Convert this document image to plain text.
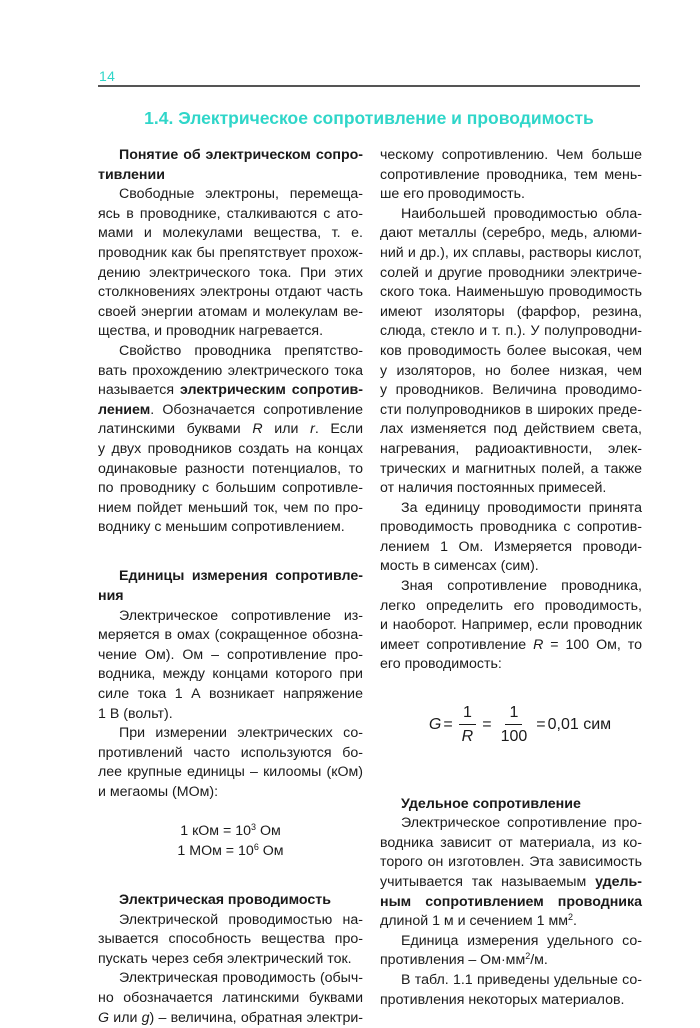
14
1.4. Электрическое сопротивление и проводимость
Понятие об электрическом сопро-
тивлении
Свободные электроны, перемеща-
ясь в проводнике, сталкиваются с ато-
мами и молекулами вещества, т. е.
проводник как бы препятствует прохож-
дению электрического тока. При этих
столкновениях электроны отдают часть
своей энергии атомам и молекулам ве-
щества, и проводник нагревается.
Свойство проводника препятство-
вать прохождению электрического тока
называется электрическим сопротив-
лением. Обозначается сопротивление
латинскими буквами R или r. Если
у двух проводников создать на концах
одинаковые разности потенциалов, то
по проводнику с большим сопротивле-
нием пойдет меньший ток, чем по про-
воднику с меньшим сопротивлением.
Единицы измерения сопротивле-
ния
Электрическое сопротивление из-
меряется в омах (сокращенное обозна-
чение Ом). Ом – сопротивление про-
водника, между концами которого при
силе тока 1 А возникает напряжение
1 В (вольт).
При измерении электрических со-
противлений часто используются бо-
лее крупные единицы – килоомы (кОм)
и мегаомы (МОм):
1 кОм = $10^3$ Ом
1 МОм = $10^6$ Ом
Электрическая проводимость
Электрической проводимостью на-
зывается способность вещества про-
пускать через себя электрический ток.
Электрическая проводимость (обыч-
но обозначается латинскими буквами
G или g) – величина, обратная электри-
ческому сопротивлению. Чем больше
сопротивление проводника, тем мень-
ше его проводимость.
Наибольшей проводимостью обла-
дают металлы (серебро, медь, алюми-
ний и др.), их сплавы, растворы кислот,
солей и другие проводники электриче-
ского тока. Наименьшую проводимость
имеют изоляторы (фарфор, резина,
слюда, стекло и т. п.). У полупроводни-
ков проводимость более высокая, чем
у изоляторов, но более низкая, чем
у проводников. Величина проводимо-
сти полупроводников в широких преде-
лах изменяется под действием света,
нагревания, радиоактивности, элек-
трических и магнитных полей, а также
от наличия постоянных примесей.
За единицу проводимости принята
проводимость проводника с сопротив-
лением 1 Ом. Измеряется проводи-
мость в сименсах (сим).
Зная сопротивление проводника,
легко определить его проводимость,
и наоборот. Например, если проводник
имеет сопротивление R = 100 Ом, то
его проводимость:
$G = \frac{1}{R} = \frac{1}{100} = 0,01$
сим
Удельное сопротивление
Электрическое сопротивление про-
водника зависит от материала, из ко-
торого он изготовлен. Эта зависимость
учитывается так называемым удель-
ным сопротивлением проводника
длиной 1 м и сечением 1 $мм^2$.
Единица измерения удельного со-
противления – $Ом\cdot мм^2/м$.
В табл. 1.1 приведены удельные со-
противления некоторых материалов.
